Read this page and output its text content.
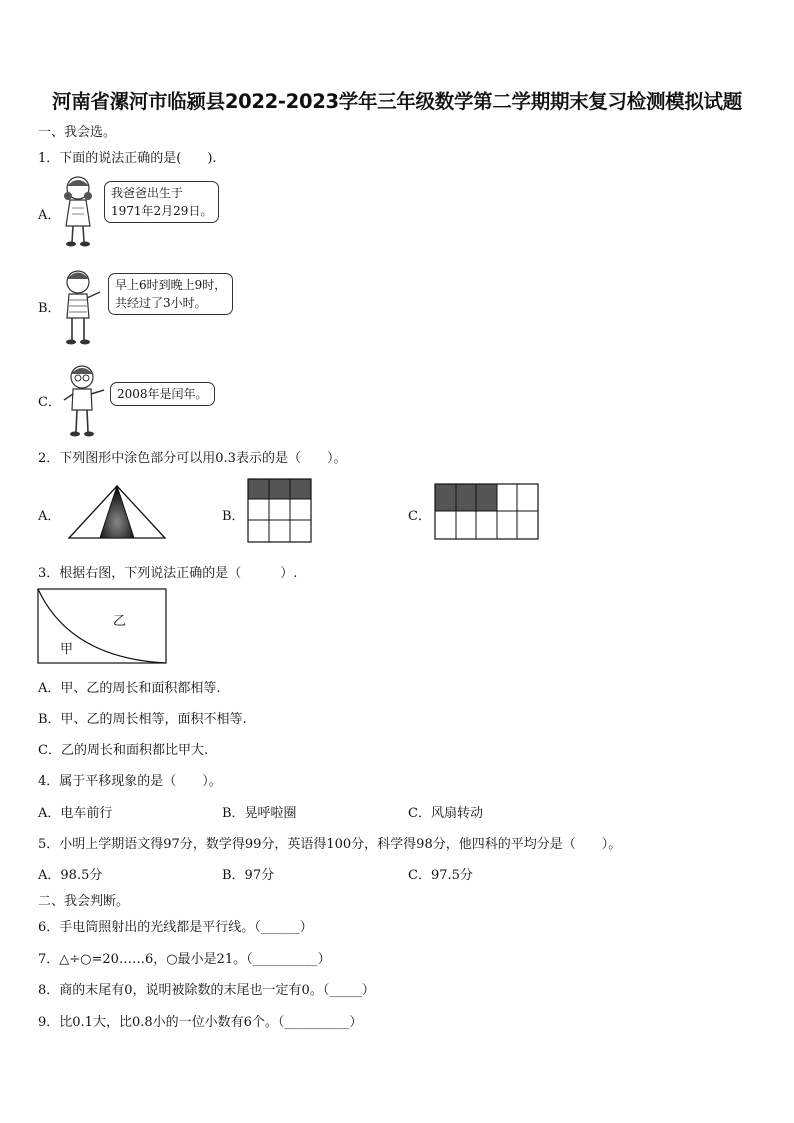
河南省漯河市临颍县2022-2023学年三年级数学第二学期期末复习检测模拟试题
一、我会选。
1．下面的说法正确的是(　　).
A．
我爸爸出生于
1971年2月29日。
B．
早上6时到晚上9时，
共经过了3小时。
C．
2008年是闰年。
2．下列图形中涂色部分可以用0.3表示的是（　　）。
A．	B．	C．
3．根据右图，下列说法正确的是（　　　）.
乙
甲
A．甲、乙的周长和面积都相等.
B．甲、乙的周长相等，面积不相等.
C．乙的周长和面积都比甲大.
4．属于平移现象的是（　　）。
A．电车前行	B．晃呼啦圈	C．风扇转动
5．小明上学期语文得97分，数学得99分，英语得100分，科学得98分，他四科的平均分是（　　）。
A．98.5分	B．97分	C．97.5分
二、我会判断。
6．手电筒照射出的光线都是平行线。（______）
7．△÷○=20……6，○最小是21。（__________）
8．商的末尾有0，说明被除数的末尾也一定有0。（_____）
9．比0.1大，比0.8小的一位小数有6个。（__________）
